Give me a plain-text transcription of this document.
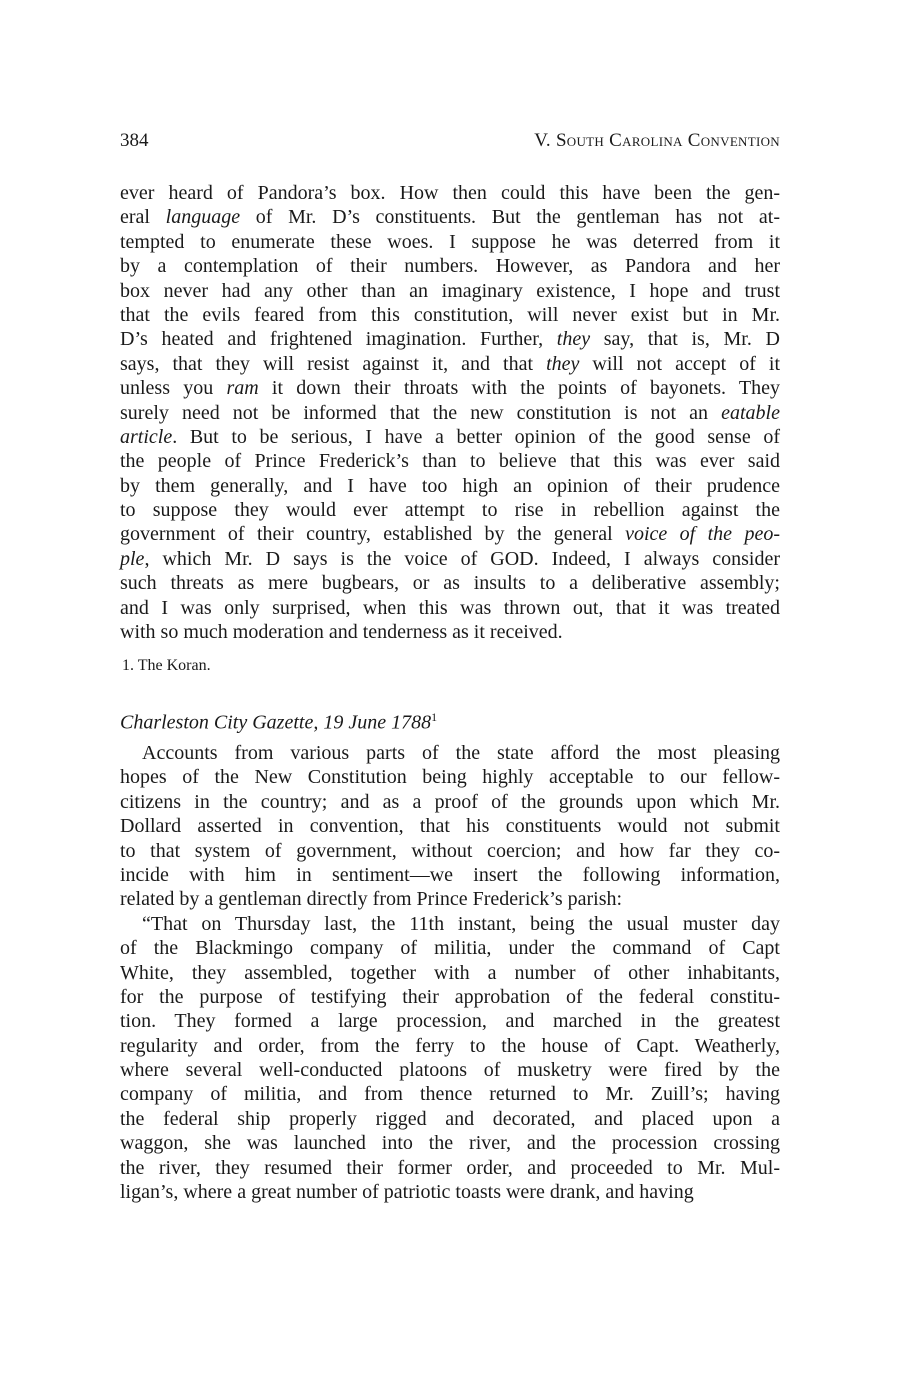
384	V. South Carolina Convention
ever heard of Pandora’s box. How then could this have been the gen-
eral language of Mr. D’s constituents. But the gentleman has not at-
tempted to enumerate these woes. I suppose he was deterred from it
by a contemplation of their numbers. However, as Pandora and her
box never had any other than an imaginary existence, I hope and trust
that the evils feared from this constitution, will never exist but in Mr.
D’s heated and frightened imagination. Further, they say, that is, Mr. D
says, that they will resist against it, and that they will not accept of it
unless you ram it down their throats with the points of bayonets. They
surely need not be informed that the new constitution is not an eatable
article. But to be serious, I have a better opinion of the good sense of
the people of Prince Frederick’s than to believe that this was ever said
by them generally, and I have too high an opinion of their prudence
to suppose they would ever attempt to rise in rebellion against the
government of their country, established by the general voice of the peo-
ple, which Mr. D says is the voice of GOD. Indeed, I always consider
such threats as mere bugbears, or as insults to a deliberative assembly;
and I was only surprised, when this was thrown out, that it was treated
with so much moderation and tenderness as it received.
1. The Koran.
Charleston City Gazette, 19 June 1788$^1$
Accounts from various parts of the state afford the most pleasing
hopes of the New Constitution being highly acceptable to our fellow-
citizens in the country; and as a proof of the grounds upon which Mr.
Dollard asserted in convention, that his constituents would not submit
to that system of government, without coercion; and how far they co-
incide with him in sentiment—we insert the following information,
related by a gentleman directly from Prince Frederick’s parish:
“That on Thursday last, the 11th instant, being the usual muster day
of the Blackmingo company of militia, under the command of Capt
White, they assembled, together with a number of other inhabitants,
for the purpose of testifying their approbation of the federal constitu-
tion. They formed a large procession, and marched in the greatest
regularity and order, from the ferry to the house of Capt. Weatherly,
where several well-conducted platoons of musketry were fired by the
company of militia, and from thence returned to Mr. Zuill’s; having
the federal ship properly rigged and decorated, and placed upon a
waggon, she was launched into the river, and the procession crossing
the river, they resumed their former order, and proceeded to Mr. Mul-
ligan’s, where a great number of patriotic toasts were drank, and having
